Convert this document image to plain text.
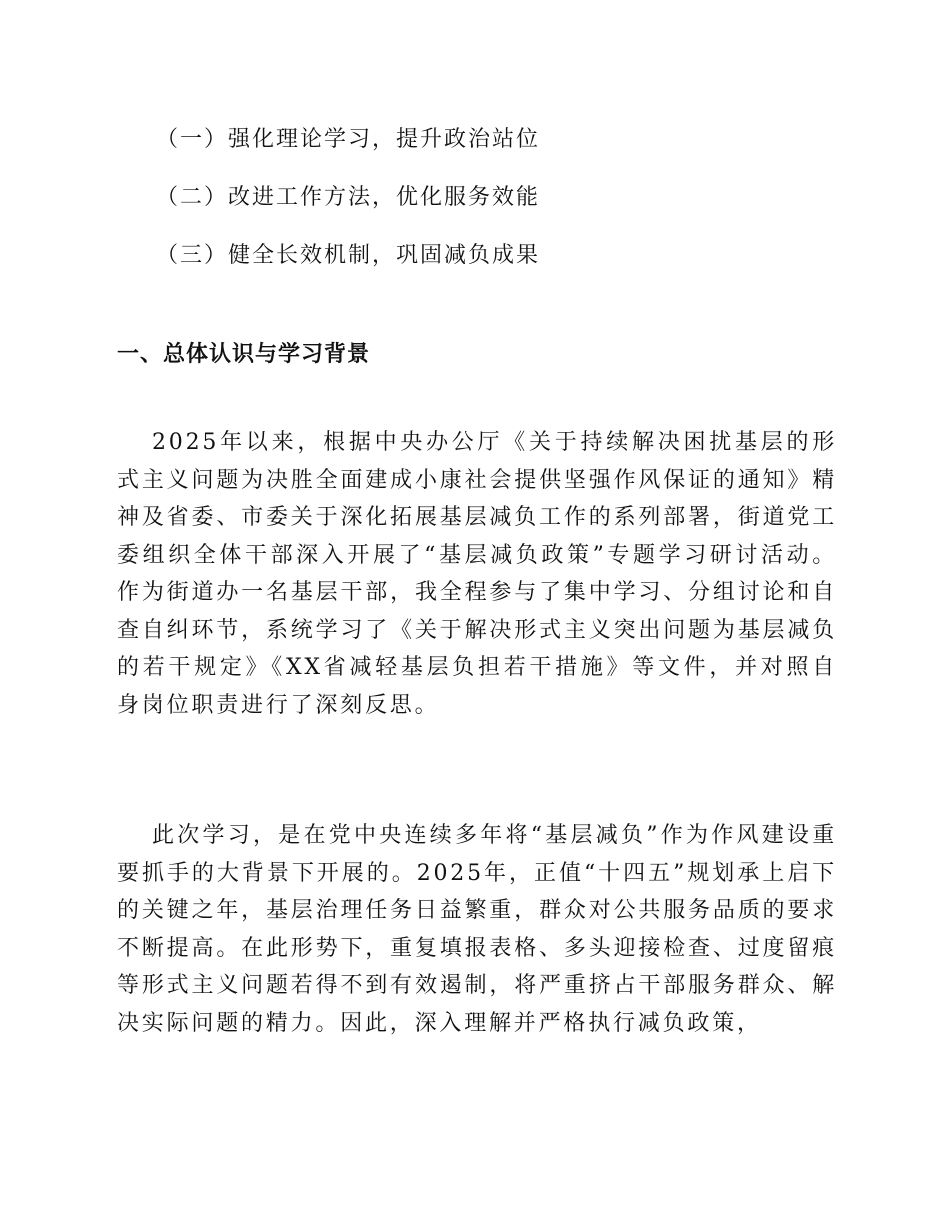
（一）强化理论学习，提升政治站位
（二）改进工作方法，优化服务效能
（三）健全长效机制，巩固减负成果
一、总体认识与学习背景
2025年以来，根据中央办公厅《关于持续解决困扰基层的形式主义问题为决胜全面建成小康社会提供坚强作风保证的通知》精神及省委、市委关于深化拓展基层减负工作的系列部署，街道党工委组织全体干部深入开展了“基层减负政策”专题学习研讨活动。作为街道办一名基层干部，我全程参与了集中学习、分组讨论和自查自纠环节，系统学习了《关于解决形式主义突出问题为基层减负的若干规定》《XX省减轻基层负担若干措施》等文件，并对照自身岗位职责进行了深刻反思。
此次学习，是在党中央连续多年将“基层减负”作为作风建设重要抓手的大背景下开展的。2025年，正值“十四五”规划承上启下的关键之年，基层治理任务日益繁重，群众对公共服务品质的要求不断提高。在此形势下，重复填报表格、多头迎接检查、过度留痕等形式主义问题若得不到有效遏制，将严重挤占干部服务群众、解决实际问题的精力。因此，深入理解并严格执行减负政策，
